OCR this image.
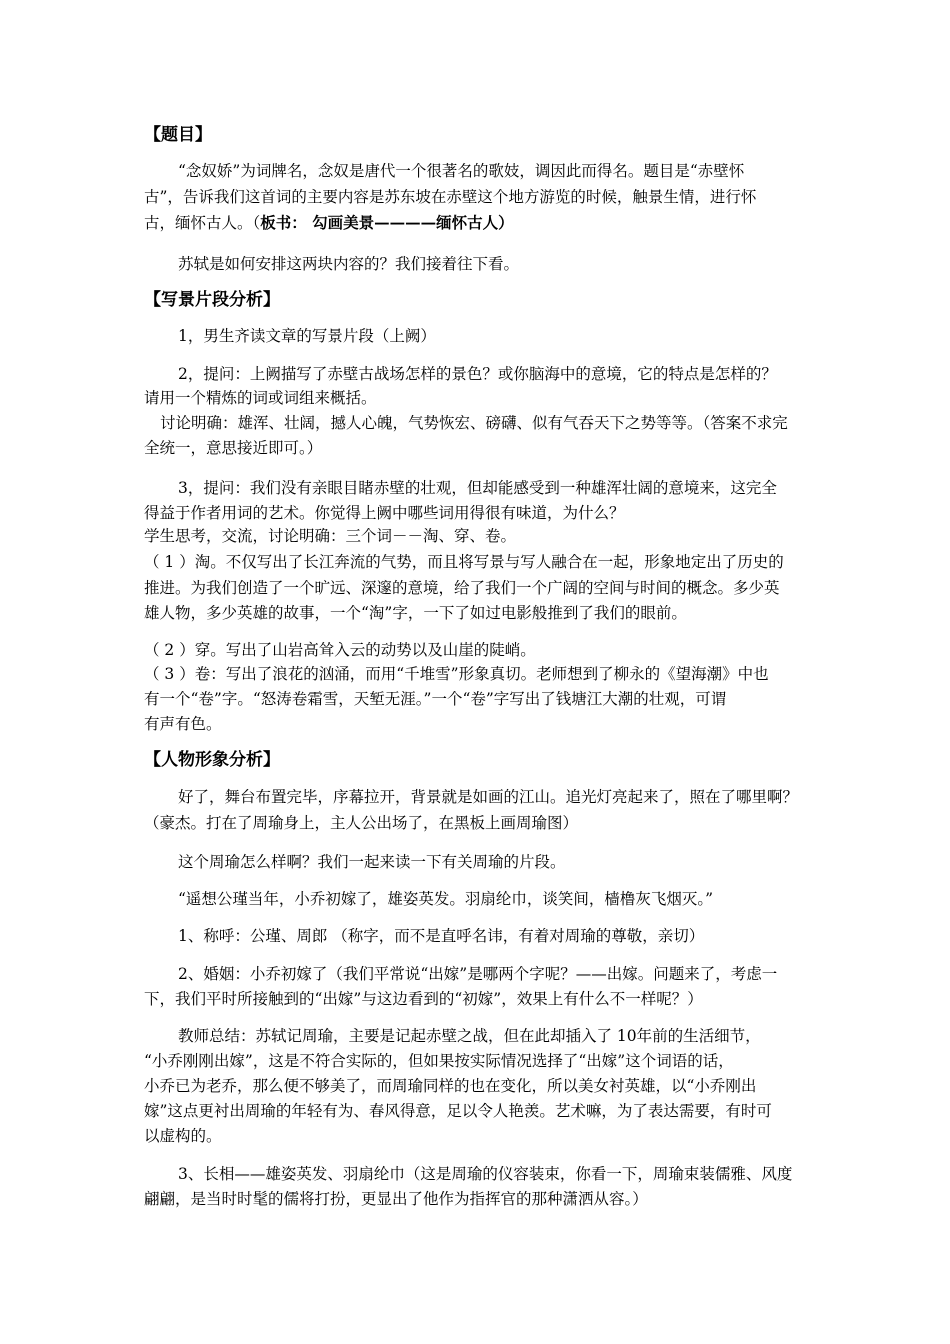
【题目】
“念奴娇”为词牌名，念奴是唐代一个很著名的歌妓，调因此而得名。题目是“赤壁怀
古”，告诉我们这首词的主要内容是苏东坡在赤壁这个地方游览的时候，触景生情，进行怀
古，缅怀古人。（板书： 勾画美景————缅怀古人）
苏轼是如何安排这两块内容的？我们接着往下看。
【写景片段分析】
1，男生齐读文章的写景片段（上阙）
2，提问：上阙描写了赤壁古战场怎样的景色？或你脑海中的意境，它的特点是怎样的？
请用一个精炼的词或词组来概括。
讨论明确：雄浑、壮阔，撼人心魄，气势恢宏、磅礴、似有气吞天下之势等等。（答案不求完
全统一，意思接近即可。）
3，提问：我们没有亲眼目睹赤壁的壮观，但却能感受到一种雄浑壮阔的意境来，这完全
得益于作者用词的艺术。你觉得上阙中哪些词用得很有味道，为什么？
学生思考，交流，讨论明确：三个词－－淘、穿、卷。
（ 1 ）淘。不仅写出了长江奔流的气势，而且将写景与写人融合在一起，形象地定出了历史的
推进。为我们创造了一个旷远、深邃的意境，给了我们一个广阔的空间与时间的概念。多少英
雄人物，多少英雄的故事，一个“淘”字，一下了如过电影般推到了我们的眼前。
（ 2 ）穿。写出了山岩高耸入云的动势以及山崖的陡峭。
（ 3 ）卷：写出了浪花的汹涌，而用“千堆雪”形象真切。老师想到了柳永的《望海潮》中也
有一个“卷”字。“怒涛卷霜雪，天堑无涯。”一个“卷”字写出了钱塘江大潮的壮观，可谓
有声有色。
【人物形象分析】
好了，舞台布置完毕，序幕拉开，背景就是如画的江山。追光灯亮起来了，照在了哪里啊？
（豪杰。打在了周瑜身上，主人公出场了，在黑板上画周瑜图）
这个周瑜怎么样啊？我们一起来读一下有关周瑜的片段。
“遥想公瑾当年，小乔初嫁了，雄姿英发。羽扇纶巾，谈笑间，樯橹灰飞烟灭。”
1、称呼：公瑾、周郎 （称字，而不是直呼名讳，有着对周瑜的尊敬，亲切）
2、婚姻：小乔初嫁了（我们平常说“出嫁”是哪两个字呢？——出嫁。问题来了，考虑一
下，我们平时所接触到的“出嫁”与这边看到的“初嫁”，效果上有什么不一样呢？）
教师总结：苏轼记周瑜，主要是记起赤壁之战，但在此却插入了 10年前的生活细节，
“小乔刚刚出嫁”，这是不符合实际的，但如果按实际情况选择了“出嫁”这个词语的话，
小乔已为老乔，那么便不够美了，而周瑜同样的也在变化，所以美女衬英雄，以“小乔刚出
嫁”这点更衬出周瑜的年轻有为、春风得意，足以令人艳羡。艺术嘛，为了表达需要，有时可
以虚构的。
3、长相——雄姿英发、羽扇纶巾（这是周瑜的仪容装束，你看一下，周瑜束装儒雅、风度
翩翩，是当时时髦的儒将打扮，更显出了他作为指挥官的那种潇洒从容。）
